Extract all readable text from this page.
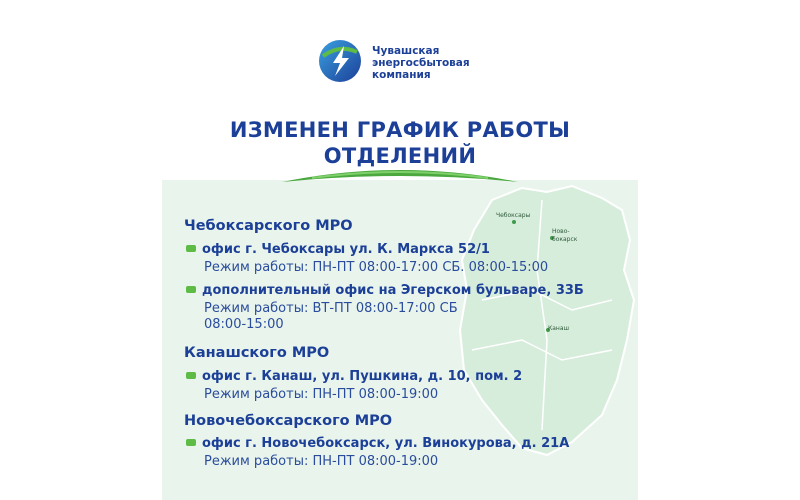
Чебоксары
Ново-
бокарск
Канаш
Чувашская
энергосбытовая
компания
ИЗМЕНЕН ГРАФИК РАБОТЫ
ОТДЕЛЕНИЙ
Чебоксарского МРО
офис г. Чебоксары ул. К. Маркса 52/1
Режим работы: ПН-ПТ 08:00-17:00 СБ. 08:00-15:00
дополнительный офис на Эгерском бульваре, 33Б
Режим работы: ВТ-ПТ 08:00-17:00 СБ
08:00-15:00
Канашского МРО
офис г. Канаш, ул. Пушкина, д. 10, пом. 2
Режим работы: ПН-ПТ 08:00-19:00
Новочебоксарского МРО
офис г. Новочебоксарск, ул. Винокурова, д. 21А
Режим работы: ПН-ПТ 08:00-19:00
